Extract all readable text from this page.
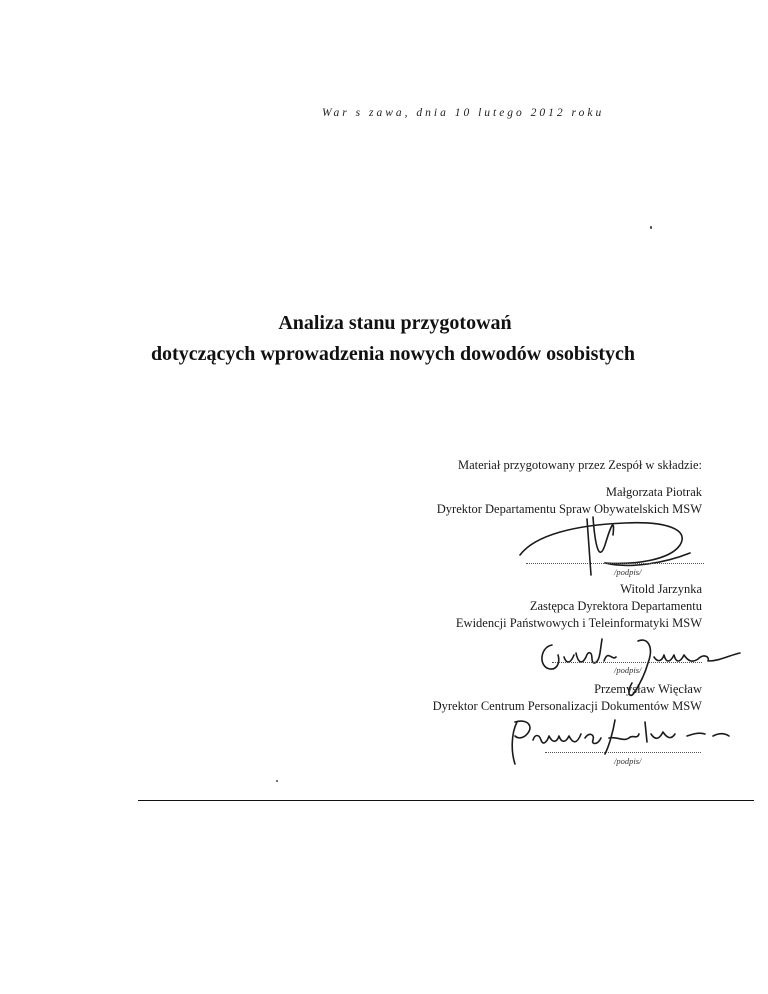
War s zawa, dnia 10 lutego 2012 roku
Analiza stanu przygotowań
dotyczących wprowadzenia nowych dowodów osobistych
Materiał przygotowany przez Zespół w składzie:
Małgorzata Piotrak
Dyrektor Departamentu Spraw Obywatelskich MSW
/podpis/
Witold Jarzynka
Zastępca Dyrektora Departamentu
Ewidencji Państwowych i Teleinformatyki MSW
/podpis/
Przemysław Więcław
Dyrektor Centrum Personalizacji Dokumentów MSW
/podpis/
